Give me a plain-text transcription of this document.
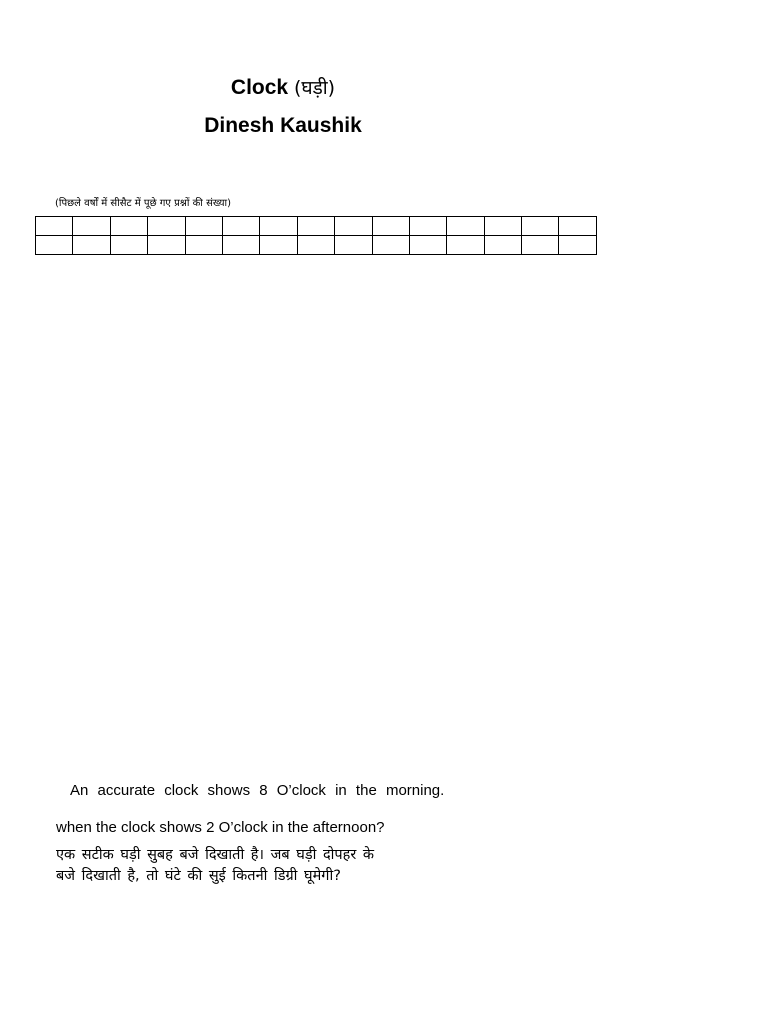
Clock (घड़ी)
Dinesh Kaushik
(पिछले वर्षों में सीसैट में पूछे गए प्रश्नों की संख्या)

An accurate clock shows 8 O’clock in the morning.
when the clock shows 2 O’clock in the afternoon?
एक सटीक घड़ी सुबह बजे दिखाती है। जब घड़ी दोपहर के
बजे दिखाती है, तो घंटे की सुई कितनी डिग्री घूमेगी?
